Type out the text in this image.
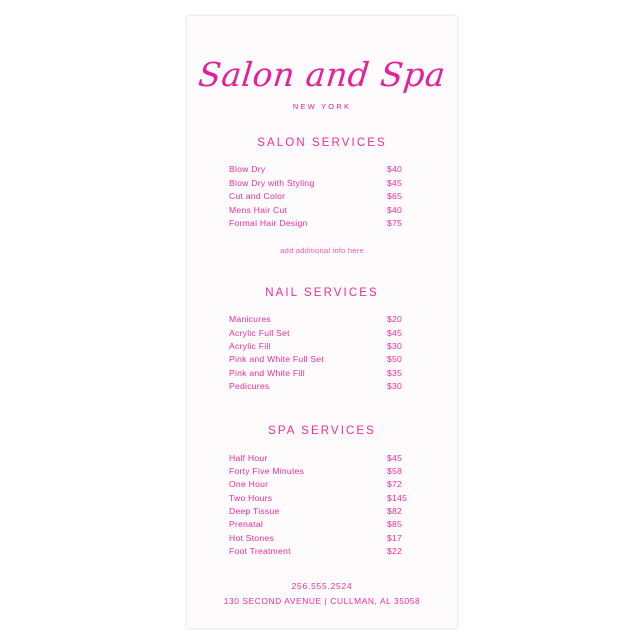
Salon and Spa
NEW YORK
SALON SERVICES
Blow Dry	$40
Blow Dry with Styling	$45
Cut and Color	$65
Mens Hair Cut	$40
Formal Hair Design	$75
add additional info here
NAIL SERVICES
Manicures	$20
Acrylic Full Set	$45
Acrylic Fill	$30
Pink and White Full Set	$50
Pink and White Fill	$35
Pedicures	$30
SPA SERVICES
Half Hour	$45
Forty Five Minutes	$58
One Hour	$72
Two Hours	$145
Deep Tissue	$82
Prenatal	$85
Hot Stones	$17
Foot Treatment	$22
256.555.2524
130 SECOND AVENUE | CULLMAN, AL 35058
